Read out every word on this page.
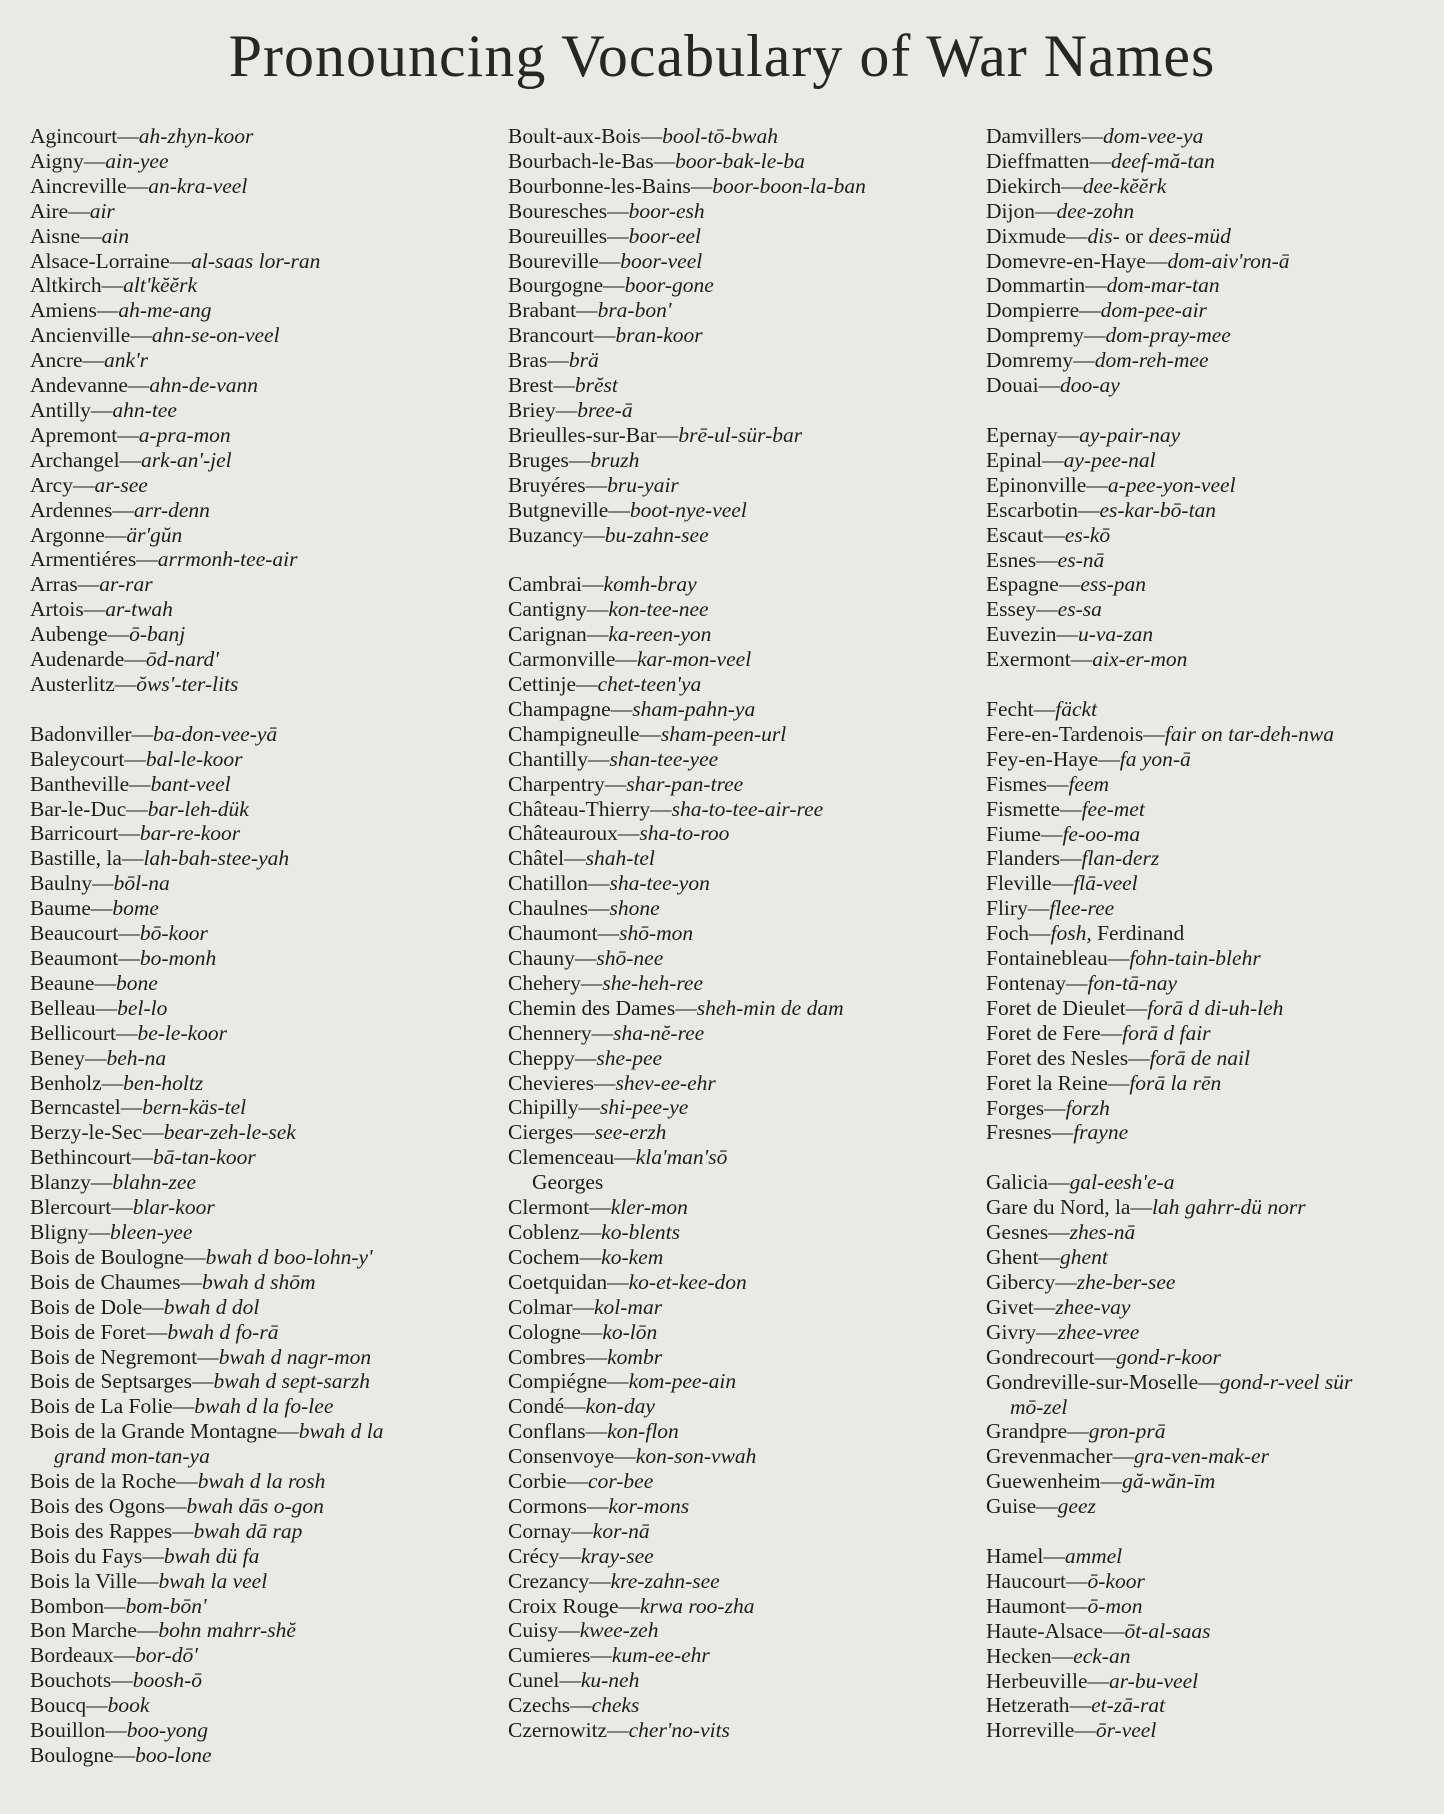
Pronouncing Vocabulary of War Names
Agincourt—ah-zhyn-koor
Aigny—ain-yee
Aincreville—an-kra-veel
Aire—air
Aisne—ain
Alsace-Lorraine—al-saas lor-ran
Altkirch—alt'kĕĕrk
Amiens—ah-me-ang
Ancienville—ahn-se-on-veel
Ancre—ank'r
Andevanne—ahn-de-vann
Antilly—ahn-tee
Apremont—a-pra-mon
Archangel—ark-an'-jel
Arcy—ar-see
Ardennes—arr-denn
Argonne—är'gŭn
Armentiéres—arrmonh-tee-air
Arras—ar-rar
Artois—ar-twah
Aubenge—ō-banj
Audenarde—ōd-nard'
Austerlitz—ŏws'-ter-lits
Badonviller—ba-don-vee-yā
Baleycourt—bal-le-koor
Bantheville—bant-veel
Bar-le-Duc—bar-leh-dük
Barricourt—bar-re-koor
Bastille, la—lah-bah-stee-yah
Baulny—bōl-na
Baume—bome
Beaucourt—bō-koor
Beaumont—bo-monh
Beaune—bone
Belleau—bel-lo
Bellicourt—be-le-koor
Beney—beh-na
Benholz—ben-holtz
Berncastel—bern-käs-tel
Berzy-le-Sec—bear-zeh-le-sek
Bethincourt—bā-tan-koor
Blanzy—blahn-zee
Blercourt—blar-koor
Bligny—bleen-yee
Bois de Boulogne—bwah d boo-lohn-y'
Bois de Chaumes—bwah d shōm
Bois de Dole—bwah d dol
Bois de Foret—bwah d fo-rā
Bois de Negremont—bwah d nagr-mon
Bois de Septsarges—bwah d sept-sarzh
Bois de La Folie—bwah d la fo-lee
Bois de la Grande Montagne—bwah d la
grand mon-tan-ya
Bois de la Roche—bwah d la rosh
Bois des Ogons—bwah dās o-gon
Bois des Rappes—bwah dā rap
Bois du Fays—bwah dü fa
Bois la Ville—bwah la veel
Bombon—bom-bōn'
Bon Marche—bohn mahrr-shĕ
Bordeaux—bor-dō'
Bouchots—boosh-ō
Boucq—book
Bouillon—boo-yong
Boulogne—boo-lone
Boult-aux-Bois—bool-tō-bwah
Bourbach-le-Bas—boor-bak-le-ba
Bourbonne-les-Bains—boor-boon-la-ban
Bouresches—boor-esh
Boureuilles—boor-eel
Boureville—boor-veel
Bourgogne—boor-gone
Brabant—bra-bon'
Brancourt—bran-koor
Bras—brä
Brest—brĕst
Briey—bree-ā
Brieulles-sur-Bar—brē-ul-sür-bar
Bruges—bruzh
Bruyéres—bru-yair
Butgneville—boot-nye-veel
Buzancy—bu-zahn-see
Cambrai—komh-bray
Cantigny—kon-tee-nee
Carignan—ka-reen-yon
Carmonville—kar-mon-veel
Cettinje—chet-teen'ya
Champagne—sham-pahn-ya
Champigneulle—sham-peen-url
Chantilly—shan-tee-yee
Charpentry—shar-pan-tree
Château-Thierry—sha-to-tee-air-ree
Châteauroux—sha-to-roo
Châtel—shah-tel
Chatillon—sha-tee-yon
Chaulnes—shone
Chaumont—shō-mon
Chauny—shō-nee
Chehery—she-heh-ree
Chemin des Dames—sheh-min de dam
Chennery—sha-nĕ-ree
Cheppy—she-pee
Chevieres—shev-ee-ehr
Chipilly—shi-pee-ye
Cierges—see-erzh
Clemenceau—kla'man'sō
Georges
Clermont—kler-mon
Coblenz—ko-blents
Cochem—ko-kem
Coetquidan—ko-et-kee-don
Colmar—kol-mar
Cologne—ko-lōn
Combres—kombr
Compiégne—kom-pee-ain
Condé—kon-day
Conflans—kon-flon
Consenvoye—kon-son-vwah
Corbie—cor-bee
Cormons—kor-mons
Cornay—kor-nā
Crécy—kray-see
Crezancy—kre-zahn-see
Croix Rouge—krwa roo-zha
Cuisy—kwee-zeh
Cumieres—kum-ee-ehr
Cunel—ku-neh
Czechs—cheks
Czernowitz—cher'no-vits
Damvillers—dom-vee-ya
Dieffmatten—deef-mă-tan
Diekirch—dee-kĕĕrk
Dijon—dee-zohn
Dixmude—dis- or dees-müd
Domevre-en-Haye—dom-aiv'ron-ā
Dommartin—dom-mar-tan
Dompierre—dom-pee-air
Dompremy—dom-pray-mee
Domremy—dom-reh-mee
Douai—doo-ay
Epernay—ay-pair-nay
Epinal—ay-pee-nal
Epinonville—a-pee-yon-veel
Escarbotin—es-kar-bō-tan
Escaut—es-kō
Esnes—es-nā
Espagne—ess-pan
Essey—es-sa
Euvezin—u-va-zan
Exermont—aix-er-mon
Fecht—fäckt
Fere-en-Tardenois—fair on tar-deh-nwa
Fey-en-Haye—fa yon-ā
Fismes—feem
Fismette—fee-met
Fiume—fe-oo-ma
Flanders—flan-derz
Fleville—flā-veel
Fliry—flee-ree
Foch—fosh, Ferdinand
Fontainebleau—fohn-tain-blehr
Fontenay—fon-tā-nay
Foret de Dieulet—forā d di-uh-leh
Foret de Fere—forā d fair
Foret des Nesles—forā de nail
Foret la Reine—forā la rēn
Forges—forzh
Fresnes—frayne
Galicia—gal-eesh'e-a
Gare du Nord, la—lah gahrr-dü norr
Gesnes—zhes-nā
Ghent—ghent
Gibercy—zhe-ber-see
Givet—zhee-vay
Givry—zhee-vree
Gondrecourt—gond-r-koor
Gondreville-sur-Moselle—gond-r-veel sür
mō-zel
Grandpre—gron-prā
Grevenmacher—gra-ven-mak-er
Guewenheim—gă-wăn-īm
Guise—geez
Hamel—ammel
Haucourt—ō-koor
Haumont—ō-mon
Haute-Alsace—ōt-al-saas
Hecken—eck-an
Herbeuville—ar-bu-veel
Hetzerath—et-zā-rat
Horreville—ōr-veel
